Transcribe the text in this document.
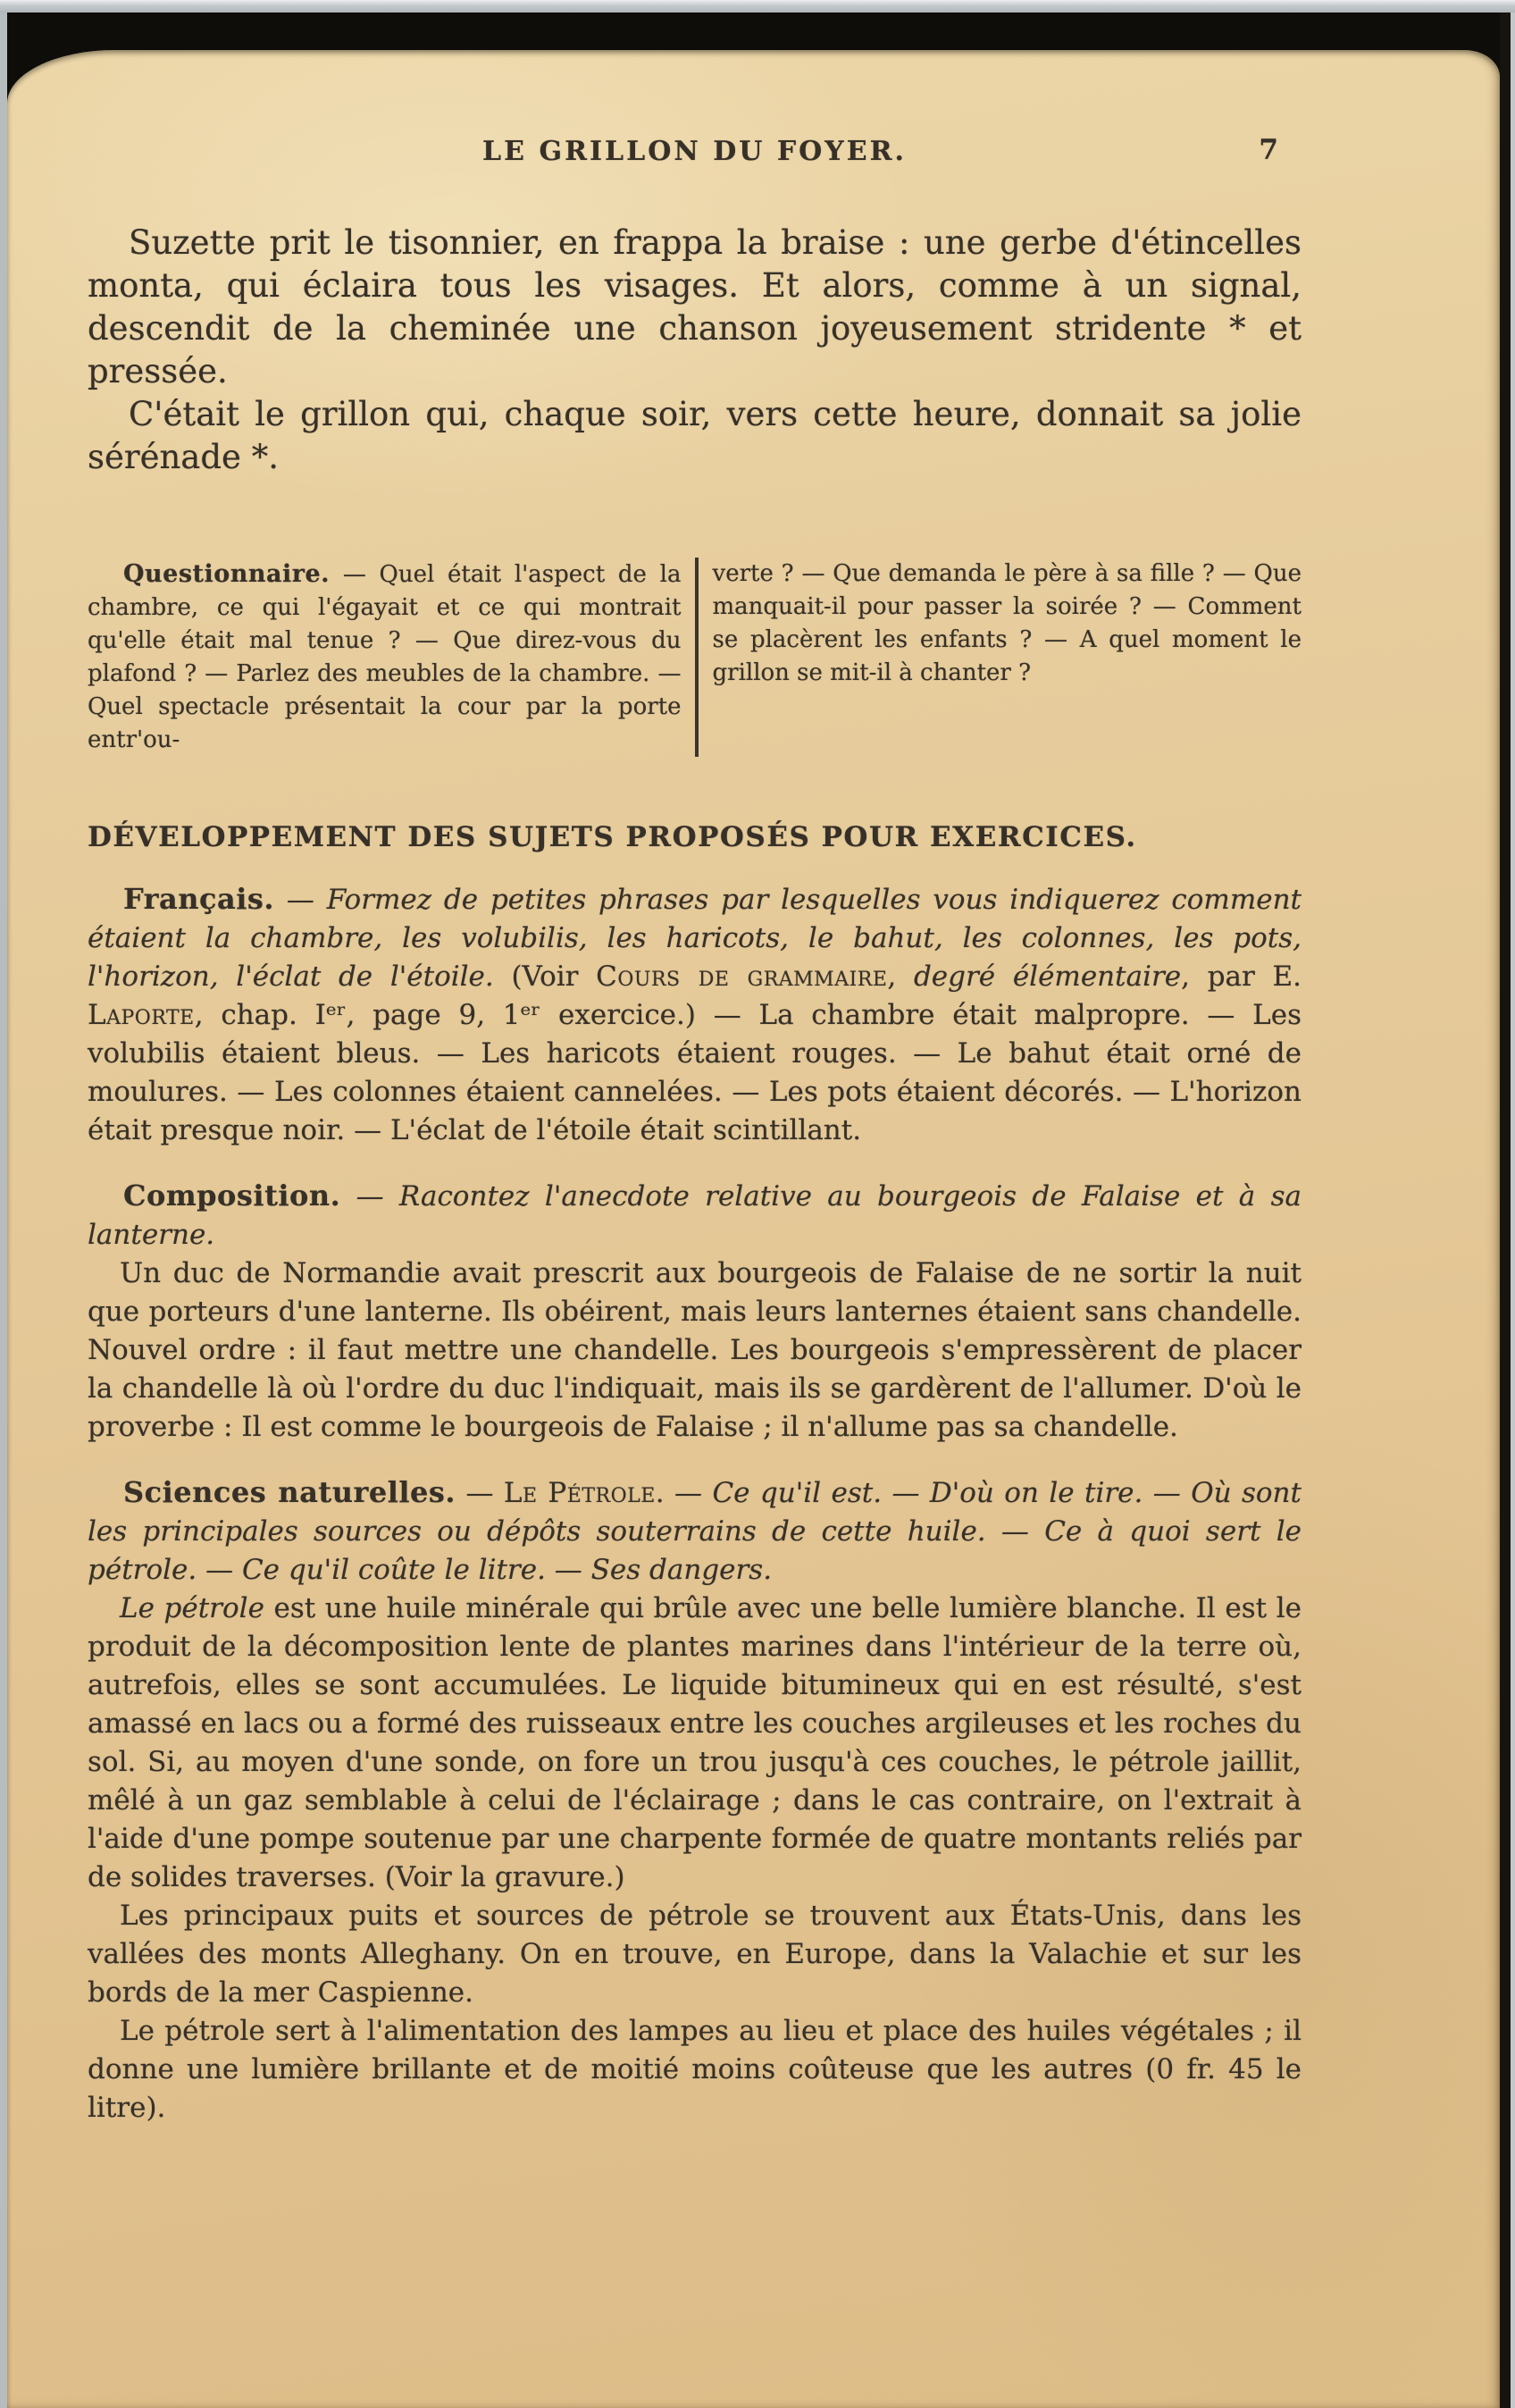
LE GRILLON DU FOYER.	7

Suzette prit le tisonnier, en frappa la braise : une gerbe d'étincelles monta, qui éclaira tous les visages. Et alors, comme à un signal, descendit de la cheminée une chanson joyeusement stridente * et pressée.

C'était le grillon qui, chaque soir, vers cette heure, donnait sa jolie sérénade *.

Questionnaire. — Quel était l'aspect de la chambre, ce qui l'égayait et ce qui montrait qu'elle était mal tenue ? — Que direz-vous du plafond ? — Parlez des meubles de la chambre. — Quel spectacle présentait la cour par la porte entr'ou-
verte ? — Que demanda le père à sa fille ? — Que manquait-il pour passer la soirée ? — Comment se placèrent les enfants ? — A quel moment le grillon se mit-il à chanter ?
DÉVELOPPEMENT DES SUJETS PROPOSÉS POUR EXERCICES.

Français. — Formez de petites phrases par lesquelles vous indiquerez comment étaient la chambre, les volubilis, les haricots, le bahut, les colonnes, les pots, l'horizon, l'éclat de l'étoile. (Voir Cours de grammaire, degré élémentaire, par E. Laporte, chap. Iᵉʳ, page 9, 1ᵉʳ exercice.) — La chambre était malpropre. — Les volubilis étaient bleus. — Les haricots étaient rouges. — Le bahut était orné de moulures. — Les colonnes étaient cannelées. — Les pots étaient décorés. — L'horizon était presque noir. — L'éclat de l'étoile était scintillant.

Composition. — Racontez l'anecdote relative au bourgeois de Falaise et à sa lanterne.

Un duc de Normandie avait prescrit aux bourgeois de Falaise de ne sortir la nuit que porteurs d'une lanterne. Ils obéirent, mais leurs lanternes étaient sans chandelle. Nouvel ordre : il faut mettre une chandelle. Les bourgeois s'empressèrent de placer la chandelle là où l'ordre du duc l'indiquait, mais ils se gardèrent de l'allumer. D'où le proverbe : Il est comme le bourgeois de Falaise ; il n'allume pas sa chandelle.

Sciences naturelles. — Le Pétrole. — Ce qu'il est. — D'où on le tire. — Où sont les principales sources ou dépôts souterrains de cette huile. — Ce à quoi sert le pétrole. — Ce qu'il coûte le litre. — Ses dangers.

Le pétrole est une huile minérale qui brûle avec une belle lumière blanche. Il est le produit de la décomposition lente de plantes marines dans l'intérieur de la terre où, autrefois, elles se sont accumulées. Le liquide bitumineux qui en est résulté, s'est amassé en lacs ou a formé des ruisseaux entre les couches argileuses et les roches du sol. Si, au moyen d'une sonde, on fore un trou jusqu'à ces couches, le pétrole jaillit, mêlé à un gaz semblable à celui de l'éclairage ; dans le cas contraire, on l'extrait à l'aide d'une pompe soutenue par une charpente formée de quatre montants reliés par de solides traverses. (Voir la gravure.)

Les principaux puits et sources de pétrole se trouvent aux États-Unis, dans les vallées des monts Alleghany. On en trouve, en Europe, dans la Valachie et sur les bords de la mer Caspienne.

Le pétrole sert à l'alimentation des lampes au lieu et place des huiles végétales ; il donne une lumière brillante et de moitié moins coûteuse que les autres (0 fr. 45 le litre).
